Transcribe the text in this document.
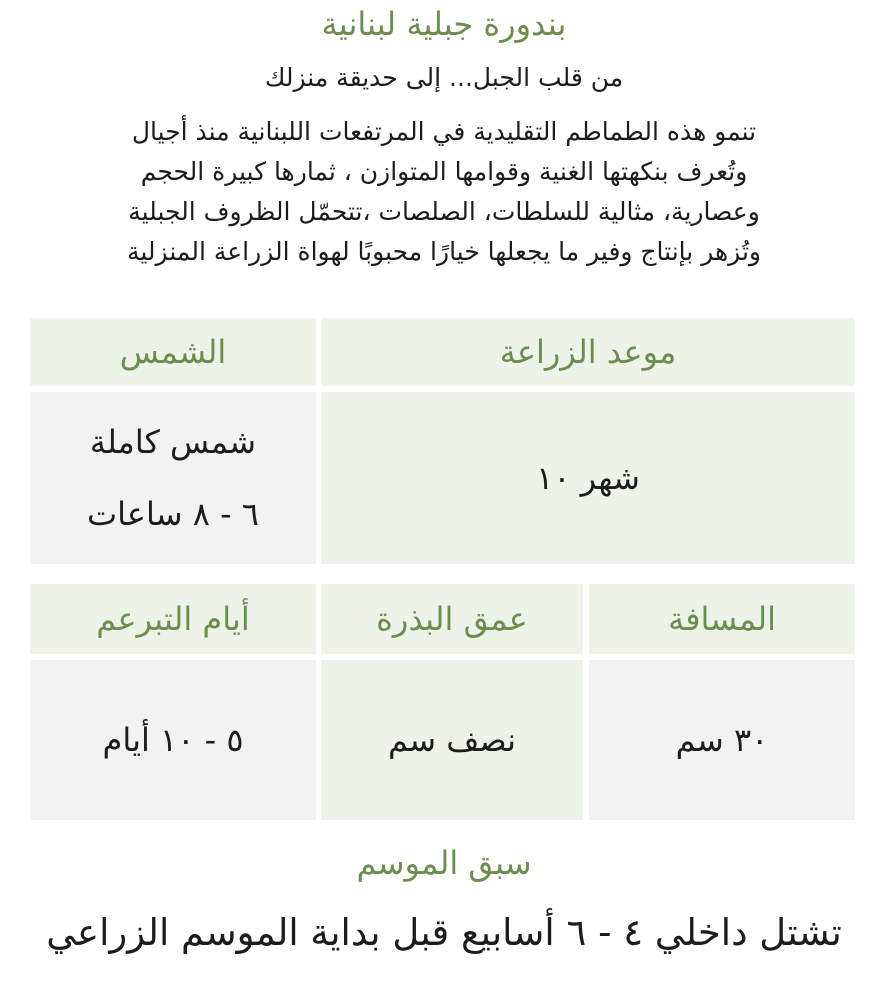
بندورة جبلية لبنانية
من قلب الجبل... إلى حديقة منزلك
تنمو هذه الطماطم التقليدية في المرتفعات اللبنانية منذ أجيال
وتُعرف بنكهتها الغنية وقوامها المتوازن ، ثمارها كبيرة الحجم
وعصارية، مثالية للسلطات، الصلصات ،تتحمّل الظروف الجبلية
وتُزهر بإنتاج وفير ما يجعلها خيارًا محبوبًا لهواة الزراعة المنزلية
موعد الزراعة
الشمس
شهر ١٠
شمس كاملة
٦ - ٨ ساعات
المسافة
عمق البذرة
أيام التبرعم
٣٠ سم
نصف سم
٥ - ١٠ أيام
سبق الموسم
تشتل داخلي ٤ - ٦ أسابيع قبل بداية الموسم الزراعي
